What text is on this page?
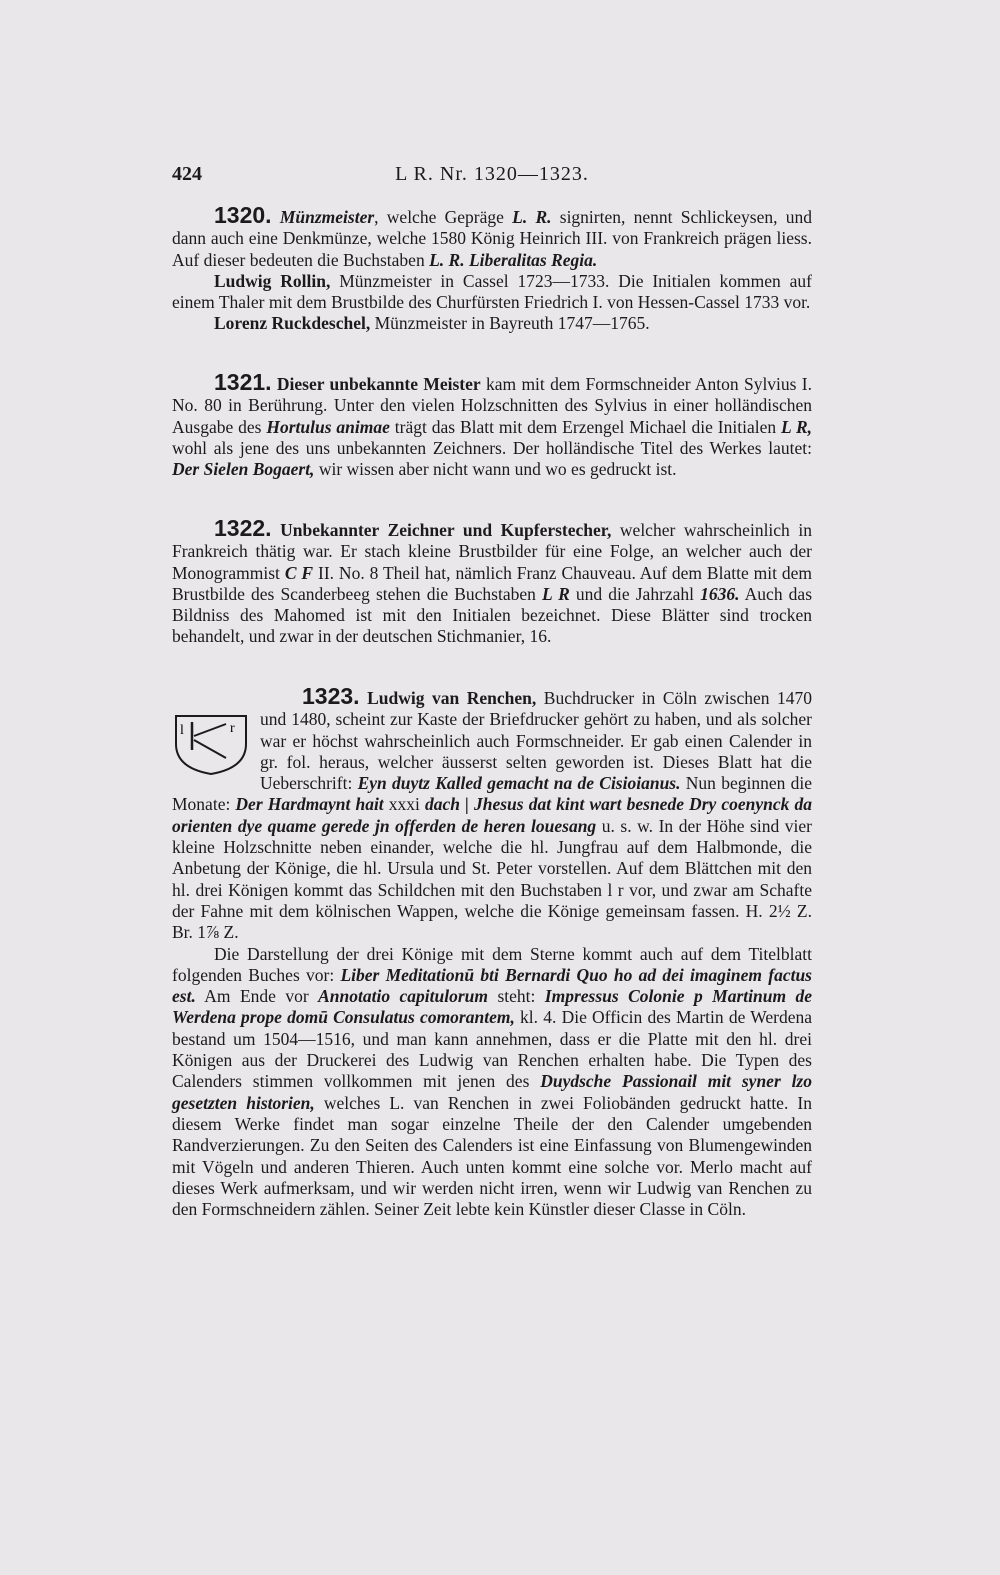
424	L R. Nr. 1320—1323.

1320. Münzmeister, welche Gepräge L. R. signirten, nennt Schlickeysen, und dann auch eine Denkmünze, welche 1580 König Heinrich III. von Frankreich prägen liess. Auf dieser bedeuten die Buchstaben L. R. Liberalitas Regia.

Ludwig Rollin, Münzmeister in Cassel 1723—1733. Die Initialen kommen auf einem Thaler mit dem Brustbilde des Churfürsten Friedrich I. von Hessen-Cassel 1733 vor.

Lorenz Ruckdeschel, Münzmeister in Bayreuth 1747—1765.

1321. Dieser unbekannte Meister kam mit dem Formschneider Anton Sylvius I. No. 80 in Berührung. Unter den vielen Holzschnitten des Sylvius in einer holländischen Ausgabe des Hortulus animae trägt das Blatt mit dem Erzengel Michael die Initialen L R, wohl als jene des uns unbekannten Zeichners. Der holländische Titel des Werkes lautet: Der Sielen Bogaert, wir wissen aber nicht wann und wo es gedruckt ist.

1322. Unbekannter Zeichner und Kupferstecher, welcher wahrscheinlich in Frankreich thätig war. Er stach kleine Brustbilder für eine Folge, an welcher auch der Monogrammist C F II. No. 8 Theil hat, nämlich Franz Chauveau. Auf dem Blatte mit dem Brustbilde des Scanderbeeg stehen die Buchstaben L R und die Jahrzahl 1636. Auch das Bildniss des Mahomed ist mit den Initialen bezeichnet. Diese Blätter sind trocken behandelt, und zwar in der deutschen Stichmanier, 16.

l	r

1323. Ludwig van Renchen, Buchdrucker in Cöln zwischen 1470 und 1480, scheint zur Kaste der Briefdrucker gehört zu haben, und als solcher war er höchst wahrscheinlich auch Formschneider. Er gab einen Calender in gr. fol. heraus, welcher äusserst selten geworden ist. Dieses Blatt hat die Ueberschrift: Eyn duytz Kalled gemacht na de Cisioianus. Nun beginnen die Monate: Der Hardmaynt hait xxxi dach | Jhesus dat kint wart besnede Dry coenynck da orienten dye quame gerede jn offerden de heren louesang u. s. w. In der Höhe sind vier kleine Holzschnitte neben einander, welche die hl. Jungfrau auf dem Halbmonde, die Anbetung der Könige, die hl. Ursula und St. Peter vorstellen. Auf dem Blättchen mit den hl. drei Königen kommt das Schildchen mit den Buchstaben l r vor, und zwar am Schafte der Fahne mit dem kölnischen Wappen, welche die Könige gemeinsam fassen. H. 2½ Z. Br. 1⅞ Z.

Die Darstellung der drei Könige mit dem Sterne kommt auch auf dem Titelblatt folgenden Buches vor: Liber Meditationū bti Bernardi Quo ho ad dei imaginem factus est. Am Ende vor Annotatio capitulorum steht: Impressus Colonie p Martinum de Werdena prope domū Consulatus comorantem, kl. 4. Die Officin des Martin de Werdena bestand um 1504—1516, und man kann annehmen, dass er die Platte mit den hl. drei Königen aus der Druckerei des Ludwig van Renchen erhalten habe. Die Typen des Calenders stimmen vollkommen mit jenen des Duydsche Passionail mit syner lzo gesetzten historien, welches L. van Renchen in zwei Foliobänden gedruckt hatte. In diesem Werke findet man sogar einzelne Theile der den Calender umgebenden Randverzierungen. Zu den Seiten des Calenders ist eine Einfassung von Blumengewinden mit Vögeln und anderen Thieren. Auch unten kommt eine solche vor. Merlo macht auf dieses Werk aufmerksam, und wir werden nicht irren, wenn wir Ludwig van Renchen zu den Formschneidern zählen. Seiner Zeit lebte kein Künstler dieser Classe in Cöln.
